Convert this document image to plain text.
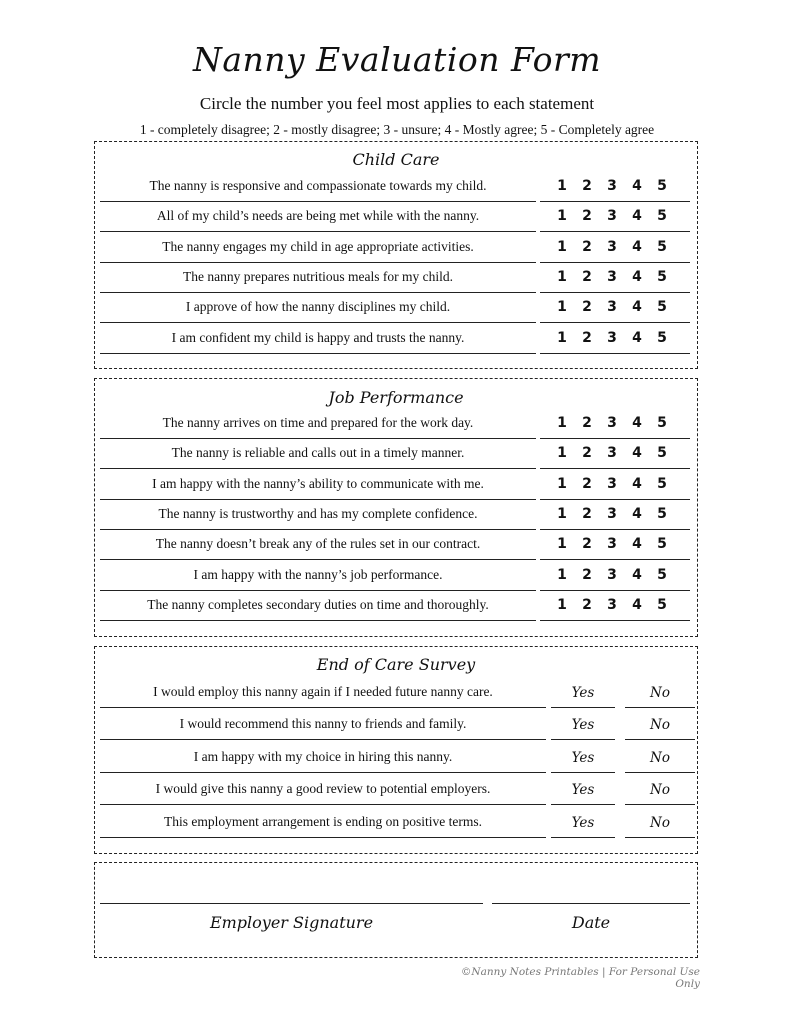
Nanny Evaluation Form
Circle the number you feel most applies to each statement
1 - completely disagree; 2 - mostly disagree; 3 - unsure; 4 - Mostly agree; 5 - Completely agree
Child Care
The nanny is responsive and compassionate towards my child.	1	2	3	4	5
All of my child’s needs are being met while with the nanny.	1	2	3	4	5
The nanny engages my child in age appropriate activities.	1	2	3	4	5
The nanny prepares nutritious meals for my child.	1	2	3	4	5
I approve of how the nanny disciplines my child.	1	2	3	4	5
I am confident my child is happy and trusts the nanny.	1	2	3	4	5
Job Performance
The nanny arrives on time and prepared for the work day.	1	2	3	4	5
The nanny is reliable and calls out in a timely manner.	1	2	3	4	5
I am happy with the nanny’s ability to communicate with me.	1	2	3	4	5
The nanny is trustworthy and has my complete confidence.	1	2	3	4	5
The nanny doesn’t break any of the rules set in our contract.	1	2	3	4	5
I am happy with the nanny’s job performance.	1	2	3	4	5
The nanny completes secondary duties on time and thoroughly.	1	2	3	4	5
End of Care Survey
I would employ this nanny again if I needed future nanny care.	Yes	No
I would recommend this nanny to friends and family.	Yes	No
I am happy with my choice in hiring this nanny.	Yes	No
I would give this nanny a good review to potential employers.	Yes	No
This employment arrangement is ending on positive terms.	Yes	No
Employer Signature	Date
©Nanny Notes Printables | For Personal Use Only
